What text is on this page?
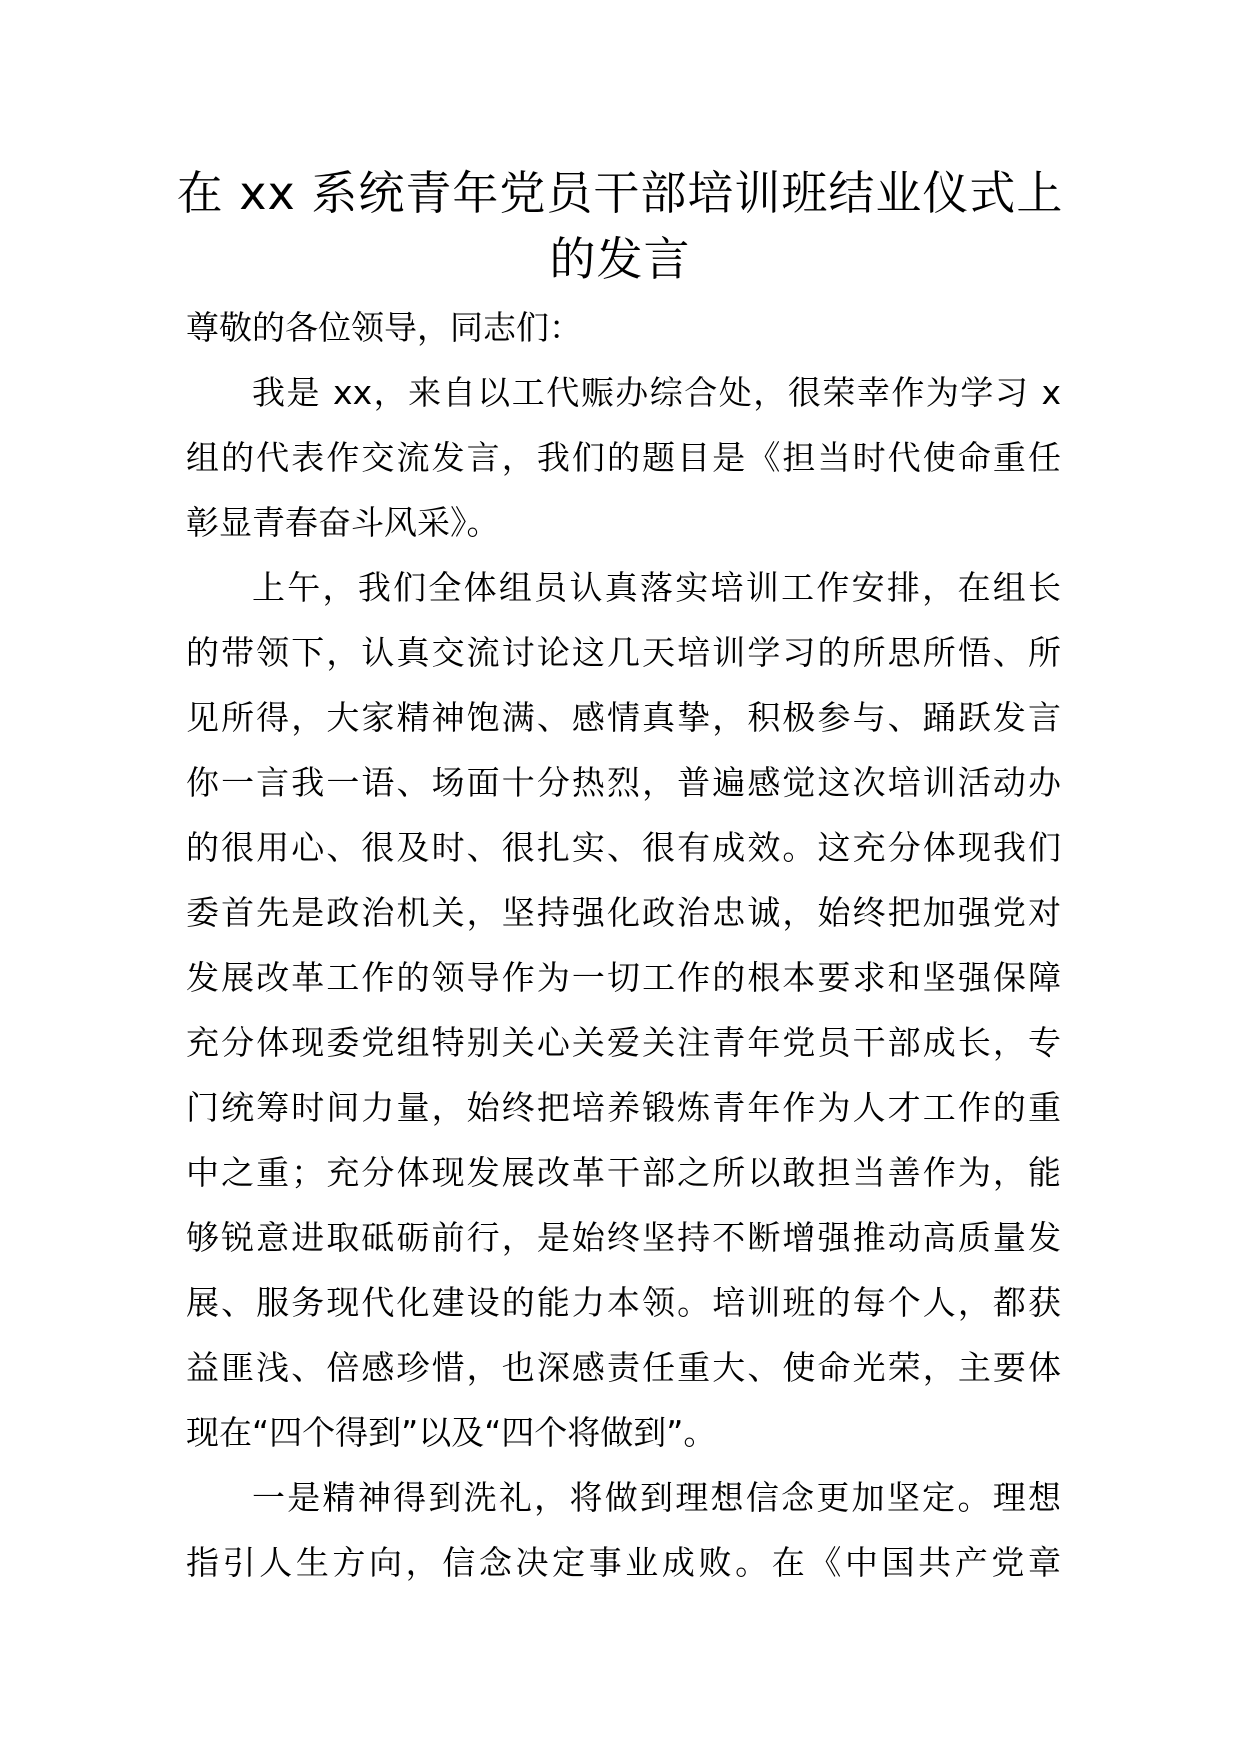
在 xx 系统青年党员干部培训班结业仪式上
的发言
尊敬的各位领导，同志们：
我是 xx，来自以工代赈办综合处，很荣幸作为学习 x
组的代表作交流发言，我们的题目是《担当时代使命重任
彰显青春奋斗风采》。
上午，我们全体组员认真落实培训工作安排，在组长
的带领下，认真交流讨论这几天培训学习的所思所悟、所
见所得，大家精神饱满、感情真挚，积极参与、踊跃发言
你一言我一语、场面十分热烈，普遍感觉这次培训活动办
的很用心、很及时、很扎实、很有成效。这充分体现我们
委首先是政治机关，坚持强化政治忠诚，始终把加强党对
发展改革工作的领导作为一切工作的根本要求和坚强保障
充分体现委党组特别关心关爱关注青年党员干部成长，专
门统筹时间力量，始终把培养锻炼青年作为人才工作的重
中之重；充分体现发展改革干部之所以敢担当善作为，能
够锐意进取砥砺前行，是始终坚持不断增强推动高质量发
展、服务现代化建设的能力本领。培训班的每个人，都获
益匪浅、倍感珍惜，也深感责任重大、使命光荣，主要体
现在“四个得到”以及“四个将做到”。
一是精神得到洗礼，将做到理想信念更加坚定。理想
指引人生方向，信念决定事业成败。在《中国共产党章
